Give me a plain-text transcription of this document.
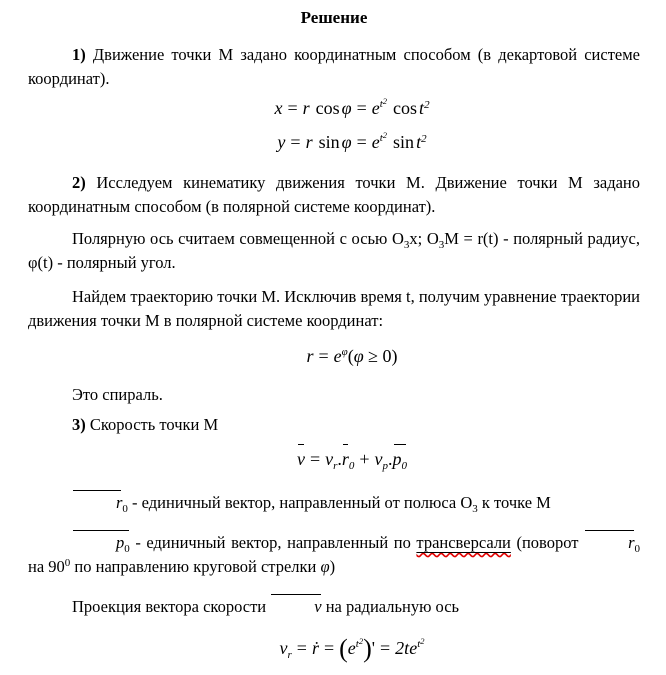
Решение

1) Движение точки М задано координатным способом (в декартовой системе координат).

x = r $\cos \varphi = e^{t^2}$ $\cos t^2$
y = r $\sin \varphi = e^{t^2}$ $\sin t^2$

2) Исследуем кинематику движения точки М. Движение точки М задано координатным способом (в полярной системе координат).

Полярную ось считаем совмещенной с осью $O_3x$; $O_3M = r(t)$ - полярный радиус, φ(t) - полярный угол.

Найдем траекторию точки М. Исключив время t, получим уравнение траектории движения точки М в полярной системе координат:

$r = e^\varphi(\varphi \ge 0)$

Это спираль.

3) Скорость точки М

$v = v_r.r_0 + v_p.p_0$

$r_0$ - единичный вектор, направленный от полюса $O_3$ к точке М

$p_0$ - единичный вектор, направленный по трансверсали (поворот	$r_0$ на $90^0$ по направлению круговой стрелки φ)

Проекция вектора скорости	v на радиальную ось

$v_r$ = ṙ = $(e^{t^2})' = 2te^{t^2}$
